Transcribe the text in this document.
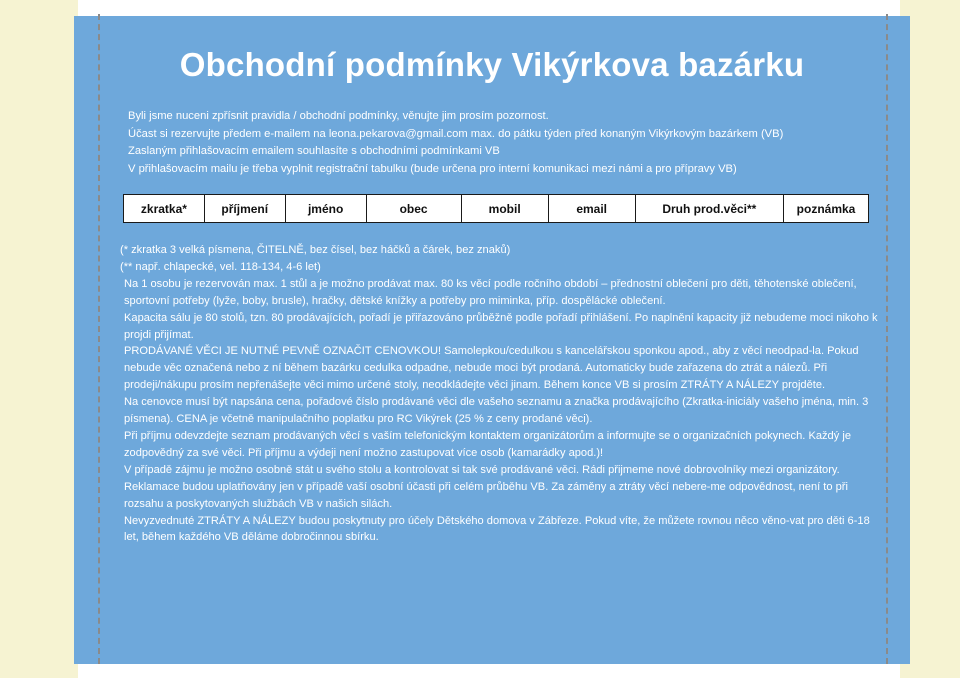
Obchodní podmínky Vikýrkova bazárku

Byli jsme nuceni zpřísnit pravidla / obchodní podmínky, věnujte jim prosím pozornost.

Účast si rezervujte předem e-mailem na leona.pekarova@gmail.com max. do pátku týden před konaným Vikýrkovým bazárkem (VB)

Zaslaným přihlašovacím emailem souhlasíte s obchodními podmínkami VB

V přihlašovacím mailu je třeba vyplnit registrační tabulku (bude určena pro interní komunikaci mezi námi a pro přípravy VB)

zkratka*	příjmení	jméno	obec	mobil	email	Druh prod.věci**	poznámka

(* zkratka 3 velká písmena, ČITELNĚ, bez čísel, bez háčků a čárek, bez znaků)

(** např. chlapecké, vel. 118-134, 4-6 let)

Na 1 osobu je rezervován max. 1 stůl a je možno prodávat max. 80 ks věcí podle ročního období – přednostní oblečení pro děti, těhotenské oblečení, sportovní potřeby (lyže, boby, brusle), hračky, dětské knížky a potřeby pro miminka, příp. dospělácké oblečení.

Kapacita sálu je 80 stolů, tzn. 80 prodávajících, pořadí je přiřazováno průběžně podle pořadí přihlášení. Po naplnění kapacity již nebudeme moci nikoho k projdi přijímat.

PRODÁVANÉ VĚCI JE NUTNÉ PEVNĚ OZNAČIT CENOVKOU! Samolepkou/cedulkou s kancelářskou sponkou apod., aby z věcí neodpad-la. Pokud nebude věc označená nebo z ní během bazárku cedulka odpadne, nebude moci být prodaná. Automaticky bude zařazena do ztrát a nálezů. Při prodeji/nákupu prosím nepřenášejte věci mimo určené stoly, neodkládejte věci jinam. Během konce VB si prosím ZTRÁTY A NÁLEZY projděte.

Na cenovce musí být napsána cena, pořadové číslo prodávané věci dle vašeho seznamu a značka prodávajícího (Zkratka-iniciály vašeho jména, min. 3 písmena). CENA je včetně manipulačního poplatku pro RC Vikýrek (25 % z ceny prodané věci).

Při příjmu odevzdejte seznam prodávaných věcí s vaším telefonickým kontaktem organizátorům a informujte se o organizačních pokynech. Každý je zodpovědný za své věci. Při příjmu a výdeji není možno zastupovat více osob (kamarádky apod.)!

V případě zájmu je možno osobně stát u svého stolu a kontrolovat si tak své prodávané věci. Rádi přijmeme nové dobrovolníky mezi organizátory. Reklamace budou uplatňovány jen v případě vaší osobní účasti při celém průběhu VB. Za záměny a ztráty věcí nebere-me odpovědnost, není to při rozsahu a poskytovaných službách VB v našich silách.

Nevyzvednuté ZTRÁTY A NÁLEZY budou poskytnuty pro účely Dětského domova v Zábřeze. Pokud víte, že můžete rovnou něco věno-vat pro děti 6-18 let, během každého VB děláme dobročinnou sbírku.
